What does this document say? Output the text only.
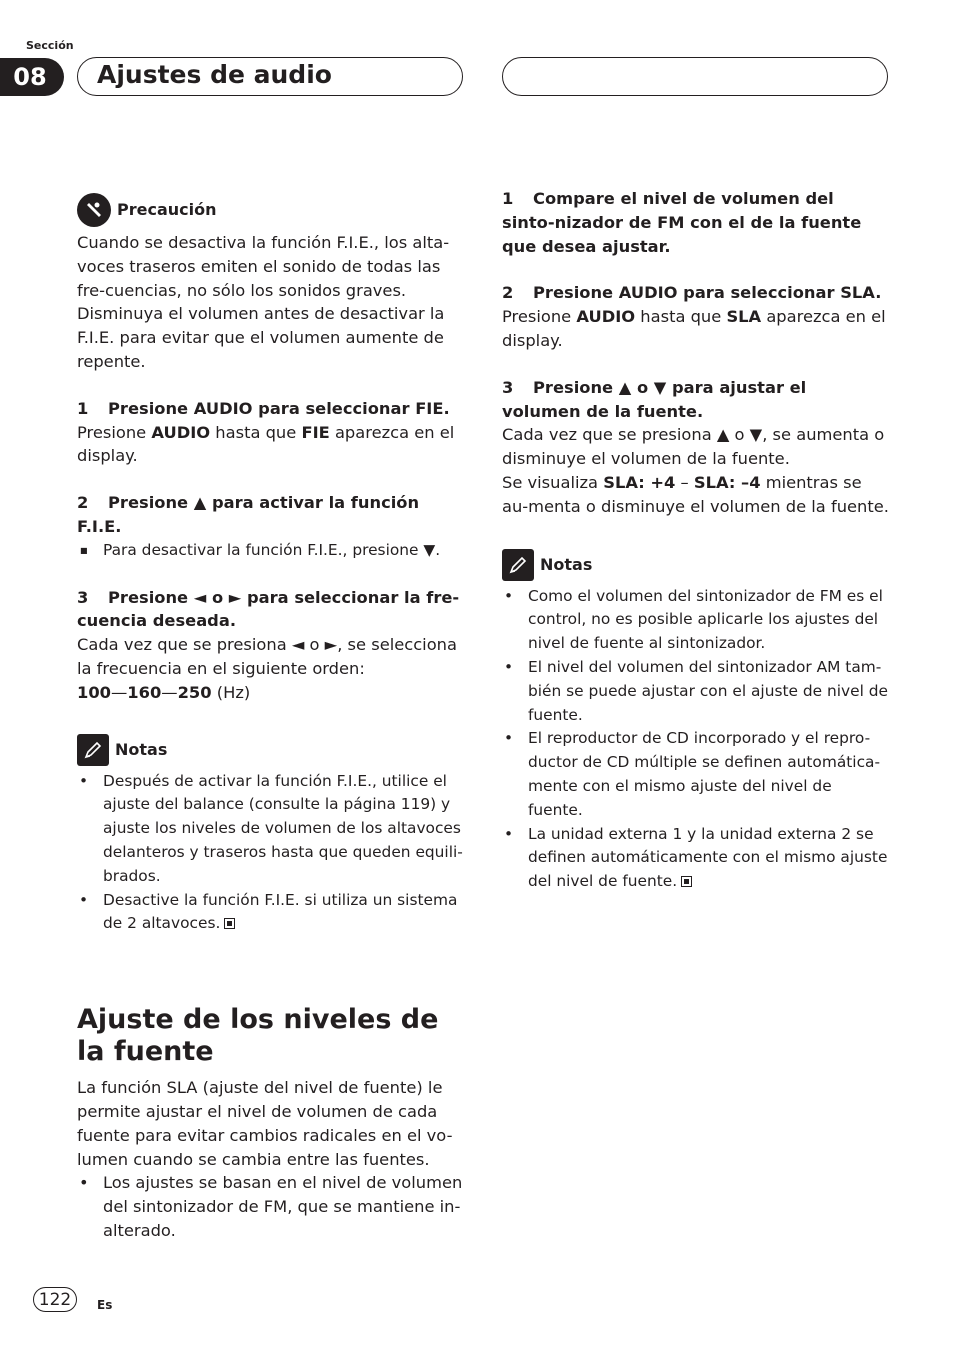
Sección
08	Ajustes de audio
Precaución

Cuando se desactiva la función F.I.E., los alta-voces traseros emiten el sonido de todas las fre-cuencias, no sólo los sonidos graves. Disminuya el volumen antes de desactivar la F.I.E. para evitar que el volumen aumente de repente.

1 Presione AUDIO para seleccionar FIE.

Presione AUDIO hasta que FIE aparezca en el display.

2 Presione ▲ para activar la función F.I.E.

■ Para desactivar la función F.I.E., presione ▼.

3 Presione ◄ o ► para seleccionar la fre-cuencia deseada.

Cada vez que se presiona ◄ o ►, se selecciona la frecuencia en el siguiente orden:

100—160—250 (Hz)

Notas
• Después de activar la función F.I.E., utilice el ajuste del balance (consulte la página 119) y ajuste los niveles de volumen de los altavoces delanteros y traseros hasta que queden equili-brados.
• Desactive la función F.I.E. si utiliza un sistema de 2 altavoces.

Ajuste de los niveles de la fuente

La función SLA (ajuste del nivel de fuente) le permite ajustar el nivel de volumen de cada fuente para evitar cambios radicales en el vo-lumen cuando se cambia entre las fuentes.

• Los ajustes se basan en el nivel de volumen del sintonizador de FM, que se mantiene in-alterado.

1 Compare el nivel de volumen del sinto-nizador de FM con el de la fuente que desea ajustar.

2 Presione AUDIO para seleccionar SLA.

Presione AUDIO hasta que SLA aparezca en el display.

3 Presione ▲ o ▼ para ajustar el volumen de la fuente.

Cada vez que se presiona ▲ o ▼, se aumenta o disminuye el volumen de la fuente.

Se visualiza SLA: +4 – SLA: –4 mientras se au-menta o disminuye el volumen de la fuente.

Notas
• Como el volumen del sintonizador de FM es el control, no es posible aplicarle los ajustes del nivel de fuente al sintonizador.
• El nivel del volumen del sintonizador AM tam-bién se puede ajustar con el ajuste de nivel de fuente.
• El reproductor de CD incorporado y el repro-ductor de CD múltiple se definen automática-mente con el mismo ajuste del nivel de fuente.
• La unidad externa 1 y la unidad externa 2 se definen automáticamente con el mismo ajuste del nivel de fuente.
122	Es
